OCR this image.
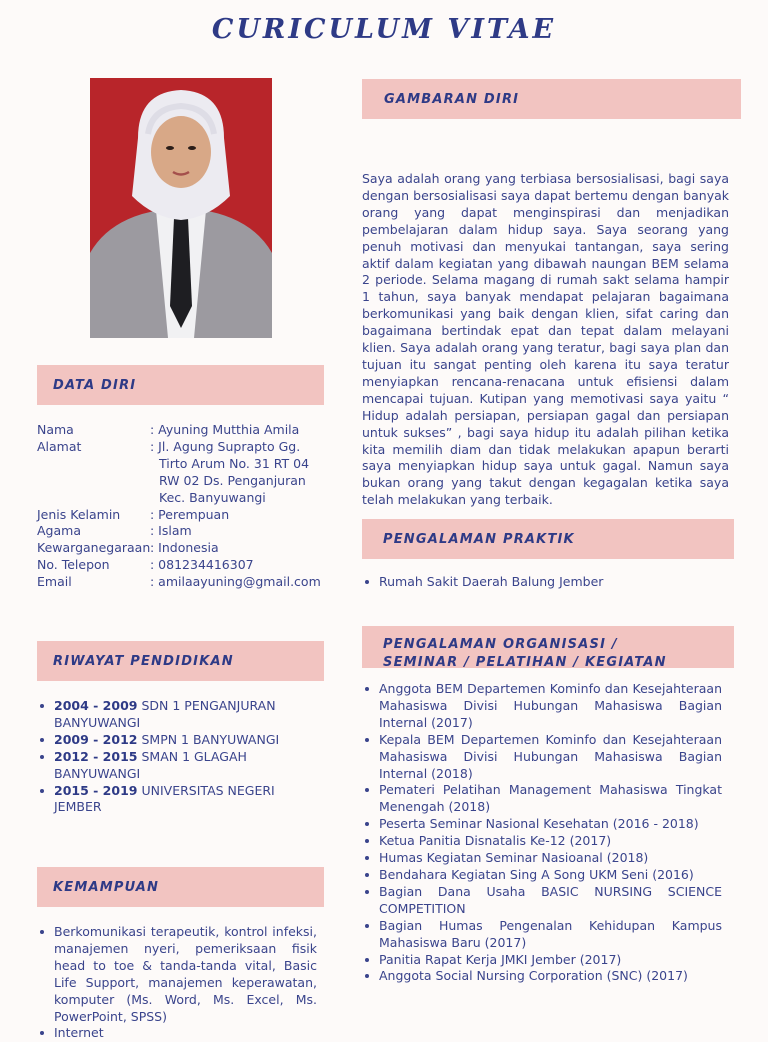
CURICULUM VITAE
DATA DIRI
Nama	: Ayuning Mutthia Amila
Alamat	: Jl. Agung Suprapto Gg.
Tirto Arum No. 31 RT 04
RW 02 Ds. Penganjuran
Kec. Banyuwangi
Jenis Kelamin	: Perempuan
Agama	: Islam
Kewarganegaraan : Indonesia
No. Telepon	: 081234416307
Email	: amilaayuning@gmail.com
RIWAYAT PENDIDIKAN
2004 - 2009 SDN 1 PENGANJURAN BANYUWANGI
2009 - 2012 SMPN 1 BANYUWANGI
2012 - 2015 SMAN 1 GLAGAH BANYUWANGI
2015 - 2019 UNIVERSITAS NEGERI JEMBER
KEMAMPUAN
Berkomunikasi terapeutik, kontrol infeksi, manajemen nyeri, pemeriksaan fisik head to toe & tanda-tanda vital, Basic Life Support, manajemen keperawatan, komputer (Ms. Word, Ms. Excel, Ms. PowerPoint, SPSS)
Internet
GAMBARAN DIRI

Saya adalah orang yang terbiasa bersosialisasi, bagi saya dengan bersosialisasi saya dapat bertemu dengan banyak orang yang dapat menginspirasi dan menjadikan pembelajaran dalam hidup saya. Saya seorang yang penuh motivasi dan menyukai tantangan, saya sering aktif dalam kegiatan yang dibawah naungan BEM selama 2 periode. Selama magang di rumah sakt selama hampir 1 tahun, saya banyak mendapat pelajaran bagaimana berkomunikasi yang baik dengan klien, sifat caring dan bagaimana bertindak epat dan tepat dalam melayani klien. Saya adalah orang yang teratur, bagi saya plan dan tujuan itu sangat penting oleh karena itu saya teratur menyiapkan rencana-renacana untuk efisiensi dalam mencapai tujuan. Kutipan yang memotivasi saya yaitu “ Hidup adalah persiapan, persiapan gagal dan persiapan untuk sukses” , bagi saya hidup itu adalah pilihan ketika kita memilih diam dan tidak melakukan apapun berarti saya menyiapkan hidup saya untuk gagal. Namun saya bukan orang yang takut dengan kegagalan ketika saya telah melakukan yang terbaik.

PENGALAMAN PRAKTIK
Rumah Sakit Daerah Balung Jember
PENGALAMAN ORGANISASI /
SEMINAR / PELATIHAN / KEGIATAN
Anggota BEM Departemen Kominfo dan Kesejahteraan Mahasiswa Divisi Hubungan Mahasiswa Bagian Internal (2017)
Kepala BEM Departemen Kominfo dan Kesejahteraan Mahasiswa Divisi Hubungan Mahasiswa Bagian Internal (2018)
Pemateri Pelatihan Management Mahasiswa Tingkat Menengah (2018)
Peserta Seminar Nasional Kesehatan (2016 - 2018)
Ketua Panitia Disnatalis Ke-12 (2017)
Humas Kegiatan Seminar Nasioanal (2018)
Bendahara Kegiatan Sing A Song UKM Seni (2016)
Bagian Dana Usaha BASIC NURSING SCIENCE COMPETITION
Bagian Humas Pengenalan Kehidupan Kampus Mahasiswa Baru (2017)
Panitia Rapat Kerja JMKI Jember (2017)
Anggota Social Nursing Corporation (SNC) (2017)
